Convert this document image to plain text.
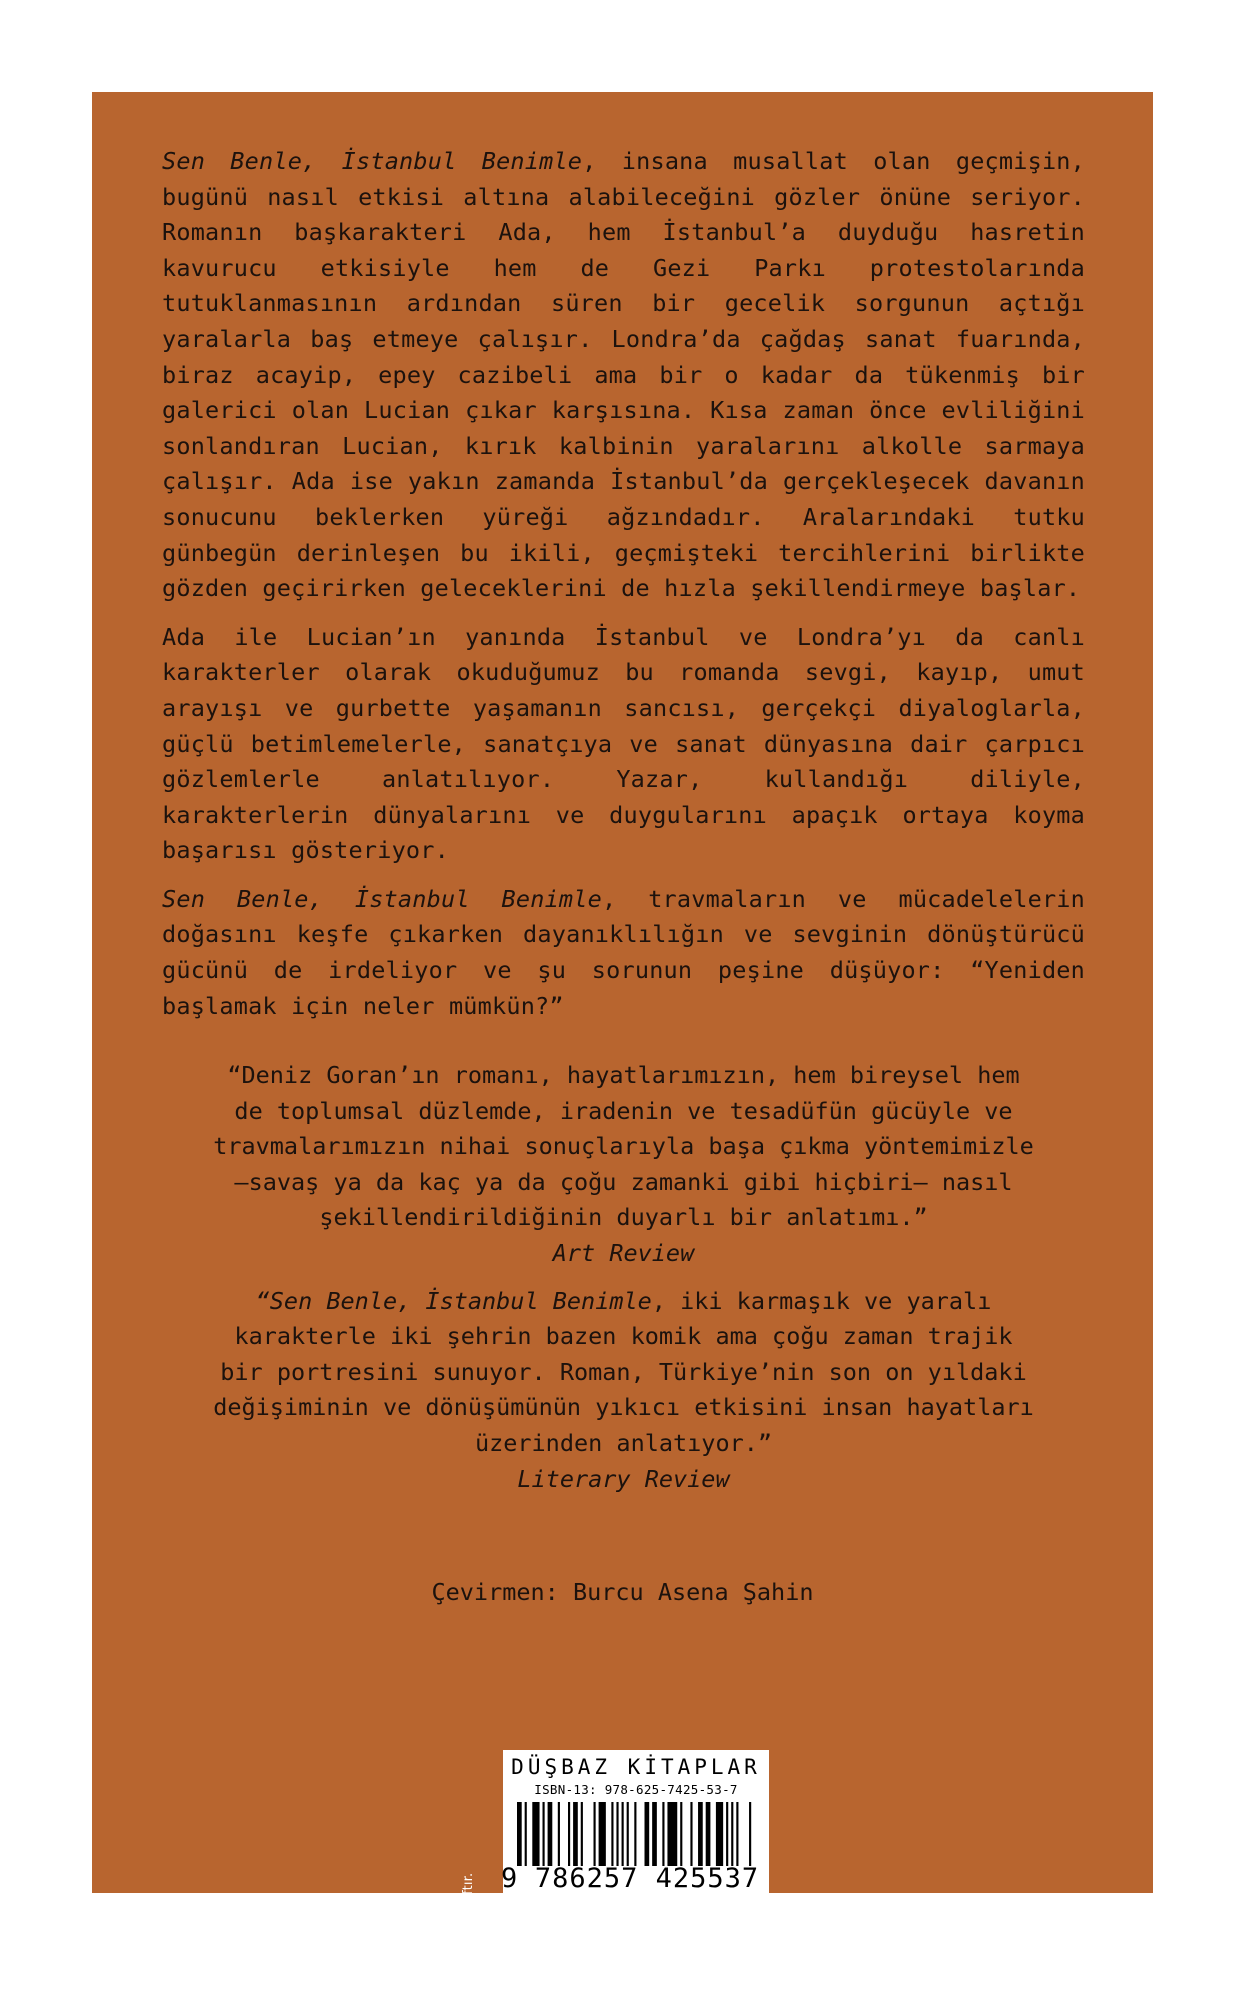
Sen Benle, İstanbul Benimle, insana musallat olan geçmişin, bugünü nasıl etkisi altına alabileceğini gözler önüne seriyor. Romanın başkarakteri Ada, hem İstanbul’a duyduğu hasretin kavurucu etkisiyle hem de Gezi Parkı protestolarında tutuklanmasının ardından süren bir gecelik sorgunun açtığı yaralarla baş etmeye çalışır. Londra’da çağdaş sanat fuarında, biraz acayip, epey cazibeli ama bir o kadar da tükenmiş bir galerici olan Lucian çıkar karşısına. Kısa zaman önce evliliğini sonlandıran Lucian, kırık kalbinin yaralarını alkolle sarmaya çalışır. Ada ise yakın zamanda İstanbul’da gerçekleşecek davanın sonucunu beklerken yüreği ağzındadır. Aralarındaki tutku günbegün derinleşen bu ikili, geçmişteki tercihlerini birlikte gözden geçirirken geleceklerini de hızla şekillendirmeye başlar.

Ada ile Lucian’ın yanında İstanbul ve Londra’yı da canlı karakterler olarak okuduğumuz bu romanda sevgi, kayıp, umut arayışı ve gurbette yaşamanın sancısı, gerçekçi diyaloglarla, güçlü betimlemelerle, sanatçıya ve sanat dünyasına dair çarpıcı gözlemlerle anlatılıyor. Yazar, kullandığı diliyle, karakterlerin dünyalarını ve duygularını apaçık ortaya koyma başarısı gösteriyor.

Sen Benle, İstanbul Benimle, travmaların ve mücadelelerin doğasını keşfe çıkarken dayanıklılığın ve sevginin dönüştürücü gücünü de irdeliyor ve şu sorunun peşine düşüyor: “Yeniden başlamak için neler mümkün?”

“Deniz Goran’ın romanı, hayatlarımızın, hem bireysel hem
de toplumsal düzlemde, iradenin ve tesadüfün gücüyle ve
travmalarımızın nihai sonuçlarıyla başa çıkma yöntemimizle
–savaş ya da kaç ya da çoğu zamanki gibi hiçbiri– nasıl
şekillendirildiğinin duyarlı bir anlatımı.”

Art Review

“Sen Benle, İstanbul Benimle, iki karmaşık ve yaralı
karakterle iki şehrin bazen komik ama çoğu zaman trajik
bir portresini sunuyor. Roman, Türkiye’nin son on yıldaki
değişiminin ve dönüşümünün yıkıcı etkisini insan hayatları
üzerinden anlatıyor.”

Literary Review
Çevirmen: Burcu Asena Şahin
KDV’den muaftır.
DÜŞBAZ KİTAPLAR
ISBN-13: 978-625-7425-53-7
9 786257 425537
